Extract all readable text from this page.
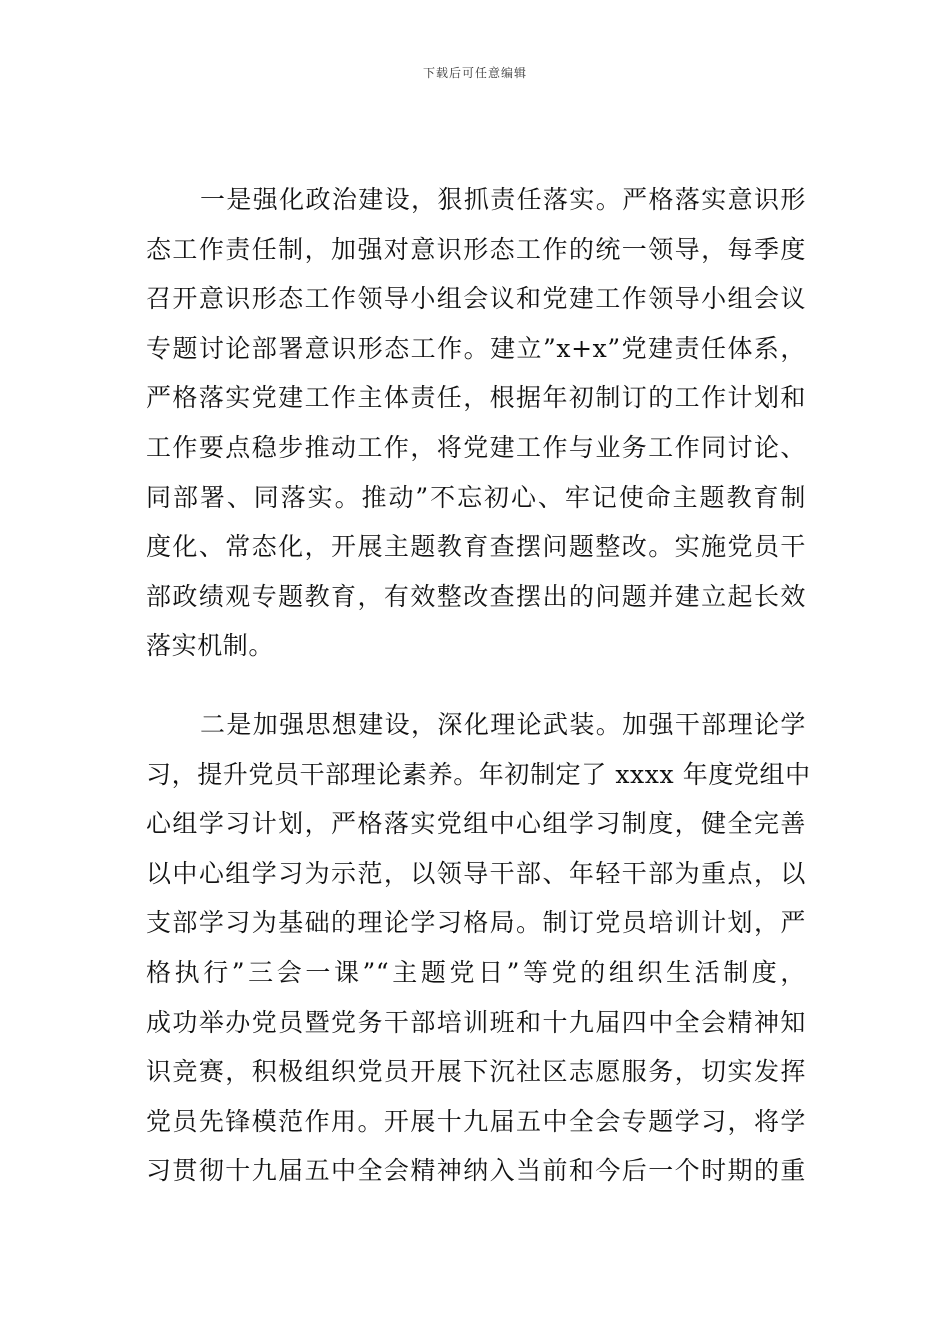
下载后可任意编辑
一是强化政治建设，狠抓责任落实。严格落实意识形
态工作责任制，加强对意识形态工作的统一领导，每季度
召开意识形态工作领导小组会议和党建工作领导小组会议
专题讨论部署意识形态工作。建立”x+x”党建责任体系，
严格落实党建工作主体责任，根据年初制订的工作计划和
工作要点稳步推动工作，将党建工作与业务工作同讨论、
同部署、同落实。推动”不忘初心、牢记使命主题教育制
度化、常态化，开展主题教育查摆问题整改。实施党员干
部政绩观专题教育，有效整改查摆出的问题并建立起长效
落实机制。
二是加强思想建设，深化理论武装。加强干部理论学
习，提升党员干部理论素养。年初制定了 xxxx 年度党组中
心组学习计划，严格落实党组中心组学习制度，健全完善
以中心组学习为示范，以领导干部、年轻干部为重点，以
支部学习为基础的理论学习格局。制订党员培训计划，严
格执行”三会一课”“主题党日”等党的组织生活制度，
成功举办党员暨党务干部培训班和十九届四中全会精神知
识竞赛，积极组织党员开展下沉社区志愿服务，切实发挥
党员先锋模范作用。开展十九届五中全会专题学习，将学
习贯彻十九届五中全会精神纳入当前和今后一个时期的重
